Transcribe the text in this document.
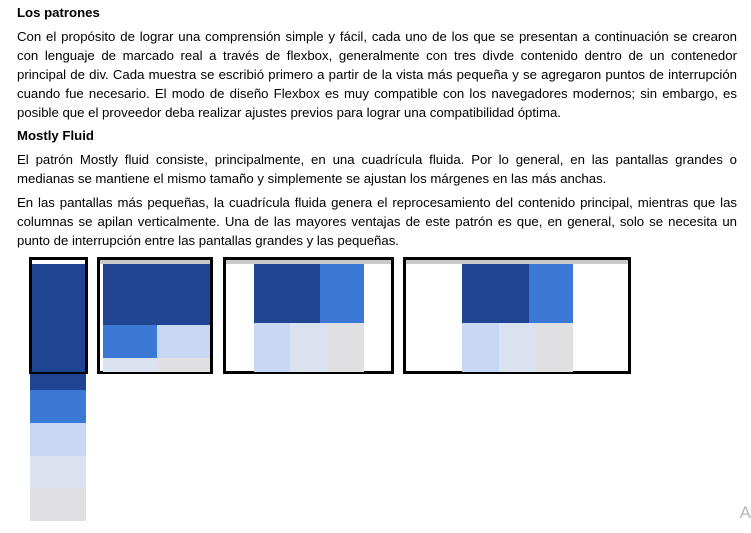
Los patrones

Con el propósito de lograr una comprensión simple y fácil, cada uno de los que se presentan a continuación se crearon con lenguaje de marcado real a través de flexbox, generalmente con tres divde contenido dentro de un contenedor principal de div. Cada muestra se escribió primero a partir de la vista más pequeña y se agregaron puntos de interrupción cuando fue necesario. El modo de diseño Flexbox es muy compatible con los navegadores modernos; sin embargo, es posible que el proveedor deba realizar ajustes previos para lograr una compatibilidad óptima.

Mostly Fluid

El patrón Mostly fluid consiste, principalmente, en una cuadrícula fluida. Por lo general, en las pantallas grandes o medianas se mantiene el mismo tamaño y simplemente se ajustan los márgenes en las más anchas.

En las pantallas más pequeñas, la cuadrícula fluida genera el reprocesamiento del contenido principal, mientras que las columnas se apilan verticalmente. Una de las mayores ventajas de este patrón es que, en general, solo se necesita un punto de interrupción entre las pantallas grandes y las pequeñas.

A
